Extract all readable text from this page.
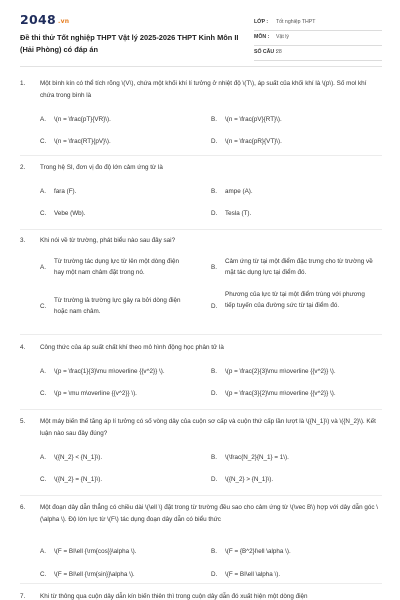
2048 .vn
Đề thi thử Tốt nghiệp THPT Vật lý 2025-2026 THPT Kinh Môn II (Hải Phòng) có đáp án
LỚP : Tốt nghiệp THPT
MÔN : Vật lý
SỐ CÂU :
28
1. Một bình kín có thể tích rõng \(V\), chứa một khối khí lí tưởng ở nhiệt độ \(T\), áp suất của khối khí là \(p\). Số mol khí chứa trong bình là
A. \(n = \frac{pT}{VR}\).	B. \(n = \frac{pV}{RT}\).
C. \(n = \frac{RT}{pV}\).	D. \(n = \frac{pR}{VT}\).
2. Trong hệ SI, đơn vị đo độ lớn cảm ứng từ là
A. fara (F).	B. ampe (A).
C. Vebe (Wb).	D. Tesla (T).
3. Khi nói về từ trường, phát biểu nào sau đây sai?
A.
Từ trường tác dụng lực từ lên một dòng điện hay một nam châm đặt trong nó.
B.
Cảm ứng từ tại một điểm đặc trưng cho từ trường về mặt tác dụng lực tại điểm đó.
C.
Từ trường là trường lực gây ra bởi dòng điện hoặc nam châm.
D.
Phương của lực từ tại một điểm trùng với phương tiếp tuyến của đường sức từ tại điểm đó.
4. Công thức của áp suất chất khí theo mô hình động học phân tử là
A. \(p = \frac{1}{3}\mu m\overline {{v^2}} \).	B. \(p = \frac{2}{3}\mu m\overline {{v^2}} \).
C. \(p = \mu m\overline {{v^2}} \).	D. \(p = \frac{3}{2}\mu m\overline {{v^2}} \).
5. Một máy biến thế tăng áp lí tưởng có số vòng dây của cuộn sơ cấp và cuộn thứ cấp lần lượt là \({N_1}\) và \({N_2}\). Kết luận nào sau đây đúng?
A. \({N_2} < {N_1}\).	B. \(\frac{N_2}{N_1} = 1\).
C. \({N_2} = {N_1}\).	D. \({N_2} > {N_1}\).
6. Một đoạn dây dẫn thẳng có chiều dài \(\ell \) đặt trong từ trường đều sao cho cảm ứng từ \(\vec B\) hợp với dây dẫn góc \(\alpha \). Độ lớn lực từ \(F\) tác dụng đoạn dây dẫn có biểu thức
A. \(F = BI\ell {\rm{cos}}\alpha \).	B. \(F = {B^2}I\ell \alpha \).
C. \(F = BI\ell {\rm{sin}}\alpha \).	D. \(F = BI\ell \alpha \).
7. Khi từ thông qua cuộn dây dẫn kín biến thiên thì trong cuộn dây dẫn đó xuất hiện một dòng điện
